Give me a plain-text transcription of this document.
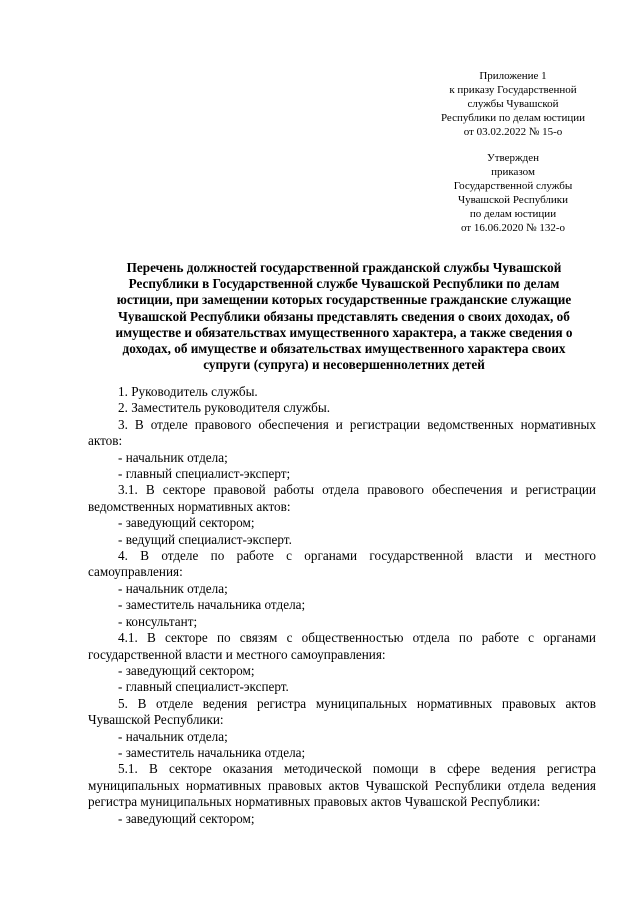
Приложение 1
к приказу Государственной
службы Чувашской
Республики по делам юстиции
от 03.02.2022 № 15-о
Утвержден
приказом
Государственной службы
Чувашской Республики
по делам юстиции
от 16.06.2020 № 132-о
Перечень должностей государственной гражданской службы Чувашской
Республики в Государственной службе Чувашской Республики по делам
юстиции, при замещении которых государственные гражданские служащие
Чувашской Республики обязаны представлять сведения о своих доходах, об
имуществе и обязательствах имущественного характера, а также сведения о
доходах, об имуществе и обязательствах имущественного характера своих
супруги (супруга) и несовершеннолетних детей

1. Руководитель службы.

2. Заместитель руководителя службы.

3. В отделе правового обеспечения и регистрации ведомственных нормативных актов:

- начальник отдела;

- главный специалист-эксперт;

3.1. В секторе правовой работы отдела правового обеспечения и регистрации ведомственных нормативных актов:

- заведующий сектором;

- ведущий специалист-эксперт.

4. В отделе по работе с органами государственной власти и местного самоуправления:

- начальник отдела;

- заместитель начальника отдела;

- консультант;

4.1. В секторе по связям с общественностью отдела по работе с органами государственной власти и местного самоуправления:

- заведующий сектором;

- главный специалист-эксперт.

5. В отделе ведения регистра муниципальных нормативных правовых актов Чувашской Республики:

- начальник отдела;

- заместитель начальника отдела;

5.1. В секторе оказания методической помощи в сфере ведения регистра муниципальных нормативных правовых актов Чувашской Республики отдела ведения регистра муниципальных нормативных правовых актов Чувашской Республики:

- заведующий сектором;
